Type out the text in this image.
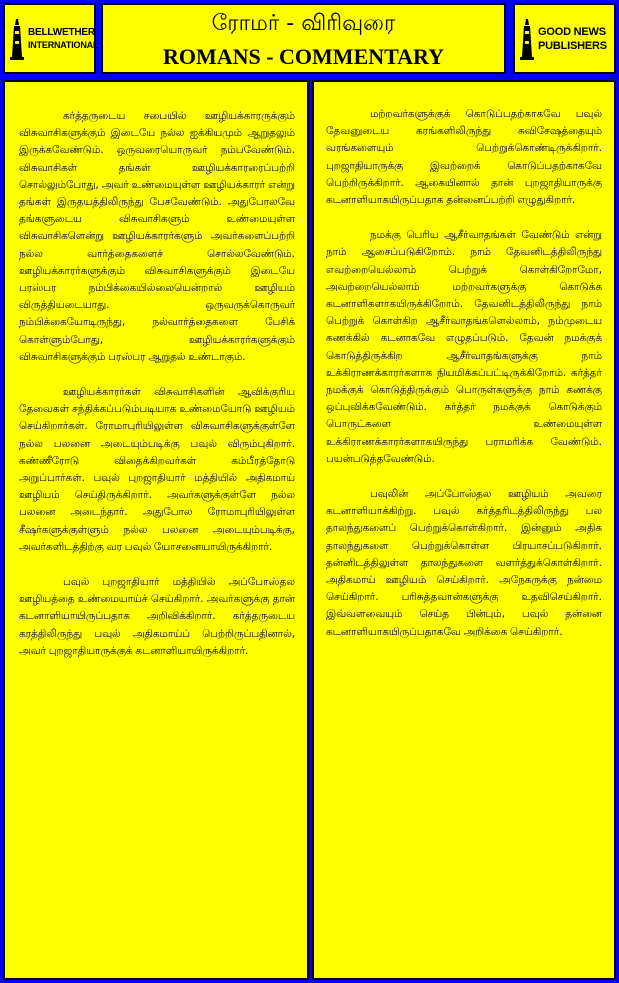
BELLWETHER
INTERNATIONAL
ரோமர் - விரிவுரை
ROMANS - COMMENTARY
GOOD NEWS
PUBLISHERS

கர்த்தருடைய சபையில் ஊழியக்காரருக்கும் விசுவாசிகளுக்கும் இடையே நல்ல ஐக்கியமும் ஆறுதலும் இருக்கவேண்டும். ஒருவரையொருவர் நம்பவேண்டும். விசுவாசிகள் தங்கள் ஊழியக்காரரைப்பற்றி சொல்லும்போது, அவர் உண்மையுள்ள ஊழியக்காரர் என்று தங்கள் இருதயத்திலிருந்து பேசவேண்டும். அதுபோலவே தங்களுடைய விசுவாசிகளும் உண்மையுள்ள விசுவாசிகளென்று ஊழியக்காரர்களும் அவர்களைப்பற்றி நல்ல வார்த்தைகளைச் சொல்லவேண்டும். ஊழியக்காரர்களுக்கும் விசுவாசிகளுக்கும் இடையே பரஸ்பர நம்பிக்கையில்லையென்றால் ஊழியம் விருத்தியடையாது. ஒருவருக்கொருவர் நம்பிக்கையோடிருந்து, நல்வார்த்தைகளை பேசிக் கொள்ளும்போது, ஊழியக்காரர்களுக்கும் விசுவாசிகளுக்கும் பரஸ்பர ஆறுதல் உண்டாகும்.

ஊழியக்காரர்கள் விசுவாசிகளின் ஆவிக்குரிய தேவைகள் சந்திக்கப்படும்படியாக உண்மையோடு ஊழியம் செய்கிறார்கள். ரோமாபுரியிலுள்ள விசுவாசிகளுக்குள்ளே நல்ல பலனை அடையும்படிக்கு பவுல் விரும்புகிறார். கண்ணீரோடு விதைக்கிறவர்கள் கம்பீரத்தோடு அறுப்பார்கள். பவுல் புறஜாதியார் மத்தியில் அதிகமாய் ஊழியம் செய்திருக்கிறார். அவர்களுக்குள்ளே நல்ல பலனை அடைந்தார். அதுபோல ரோமாபுரியிலுள்ள சீஷர்களுக்குள்ளும் நல்ல பலனை அடையும்படிக்கு, அவர்களிடத்திற்கு வர பவுல் யோசனையாயிருக்கிறார்.

பவுல் புறஜாதியார் மத்தியில் அப்போஸ்தல ஊழியத்தை உண்மையாய்ச் செய்கிறார். அவர்களுக்கு தான் கடனாளியாயிருப்பதாக அறிவிக்கிறார். கர்த்தருடைய கரத்திலிருந்து பவுல் அதிகமாய்ப் பெற்றிருப்பதினால், அவர் புறஜாதியாருக்குக் கடனாளியாயிருக்கிறார்.

மற்றவர்களுக்குக் கொடுப்பதற்காகவே பவுல் தேவனுடைய கரங்களிலிருந்து சுவிசேஷத்தையும் வரங்களையும் பெற்றுக்கொண்டிருக்கிறார். புறஜாதியாருக்கு இவற்றைக் கொடுப்பதற்காகவே பெற்றிருக்கிறார். ஆகையினால் தான் புறஜாதியாருக்கு கடனாளியாகயிருப்பதாக தன்னைப்பற்றி எழுதுகிறார்.

நமக்கு பெரிய ஆசீர்வாதங்கள் வேண்டும் என்று நாம் ஆசைப்படுகிறோம். நாம் தேவனிடத்திலிருந்து எவற்றையெல்லாம் பெற்றுக் கொள்கிறோமோ, அவற்றையெல்லாம் மற்றவர்களுக்கு கொடுக்க கடனாளிகளாகயிருக்கிறோம். தேவனிடத்திலிருந்து நாம் பெற்றுக் கொள்கிற ஆசீர்வாதங்களெல்லாம், நம்முடைய கணக்கில் கடனாகவே எழுதப்படும். தேவன் நமக்குக் கொடுத்திருக்கிற ஆசீர்வாதங்களுக்கு நாம் உக்கிராணக்காரர்களாக நியமிக்கப்பட்டிருக்கிறோம். கர்த்தர் நமக்குக் கொடுத்திருக்கும் பொருள்களுக்கு நாம் கணக்கு ஒப்புவிக்கவேண்டும். கர்த்தர் நமக்குக் கொடுக்கும் பொருட்களை உண்மையுள்ள உக்கிராணக்காரர்களாகயிருந்து பராமரிக்க வேண்டும். பயன்படுத்தவேண்டும்.

பவுலின் அப்போஸ்தல ஊழியம் அவரை கடனாளியாக்கிற்று. பவுல் கர்த்தரிடத்திலிருந்து பல தாலந்துகளைப் பெற்றுக்கொள்கிறார். இன்னும் அதிக தாலந்துகளை பெற்றுக்கொள்ள பிரயாசப்படுகிறார். தன்னிடத்திலுள்ள தாலந்துகளை வளர்த்துக்கொள்கிறார். அதிகமாய் ஊழியம் செய்கிறார். அநேகருக்கு நன்மை செய்கிறார். பரிசுத்தவான்களுக்கு உதவிசெய்கிறார். இவ்வளவையும் செய்த பின்பும், பவுல் தன்னை கடனாளியாகயிருப்பதாகவே அறிக்கை செய்கிறார்.
